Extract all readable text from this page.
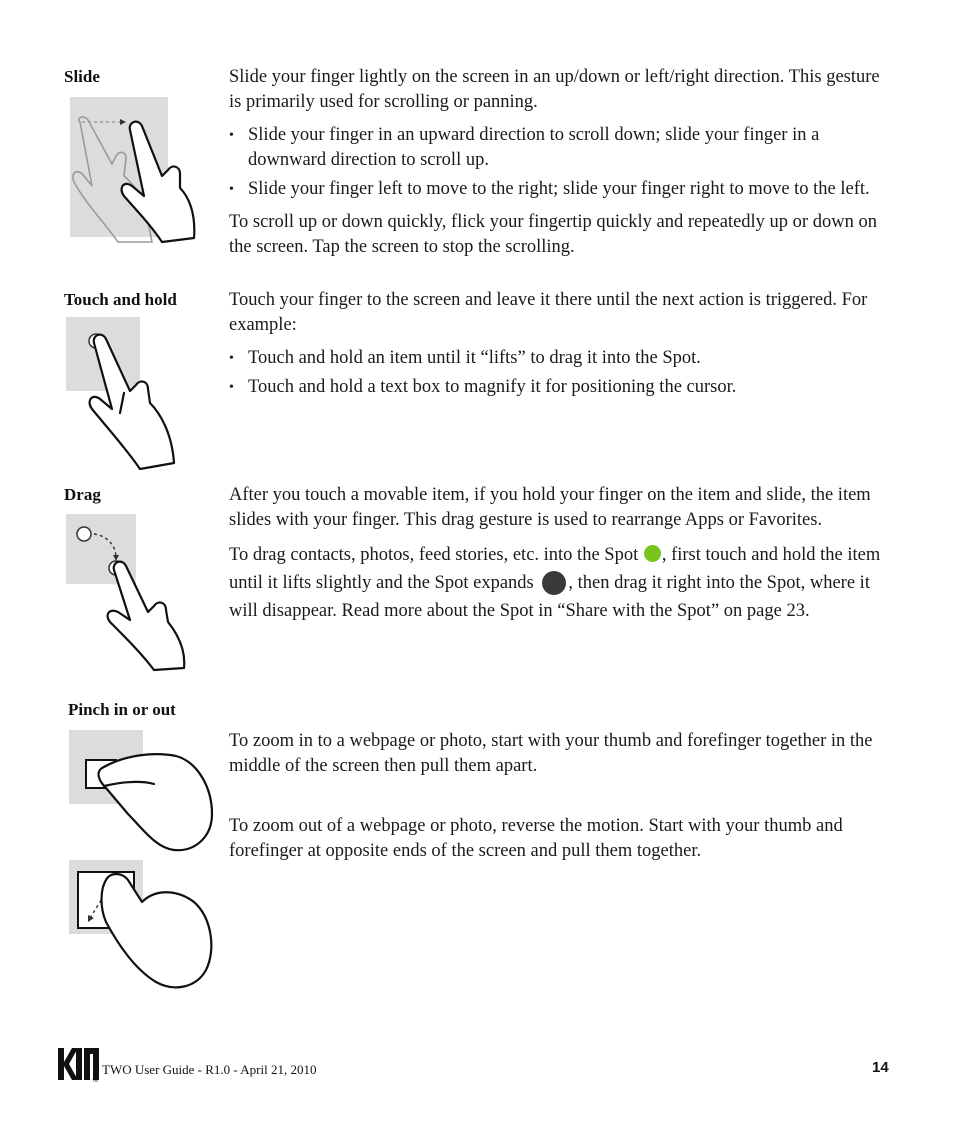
Slide	Slide your finger lightly on the screen in an up/down or left/right direction. This gesture is primarily used for scrolling or panning.

• Slide your finger in an upward direction to scroll down; slide your finger in a downward direction to scroll up.
• Slide your finger left to move to the right; slide your finger right to move to the left.

To scroll up or down quickly, flick your fingertip quickly and repeatedly up or down on the screen. Tap the screen to stop the scrolling.

Touch and hold	Touch your finger to the screen and leave it there until the next action is triggered. For example:

• Touch and hold an item until it “lifts” to drag it into the Spot.
• Touch and hold a text box to magnify it for positioning the cursor.
Drag	After you touch a movable item, if you hold your finger on the item and slide, the item slides with your finger. This drag gesture is used to rearrange Apps or Favorites.

To drag contacts, photos, feed stories, etc. into the Spot , first touch and hold the item until it lifts slightly and the Spot expands , then drag it right into the Spot, where it will disappear. Read more about the Spot in “Share with the Spot” on page 23.

Pinch in or out

To zoom in to a webpage or photo, start with your thumb and forefinger together in the middle of the screen then pull them apart.

To zoom out of a webpage or photo, reverse the motion. Start with your thumb and forefinger at opposite ends of the screen and pull them together.

TM
TWO User Guide - R1.0 - April 21, 2010	14
